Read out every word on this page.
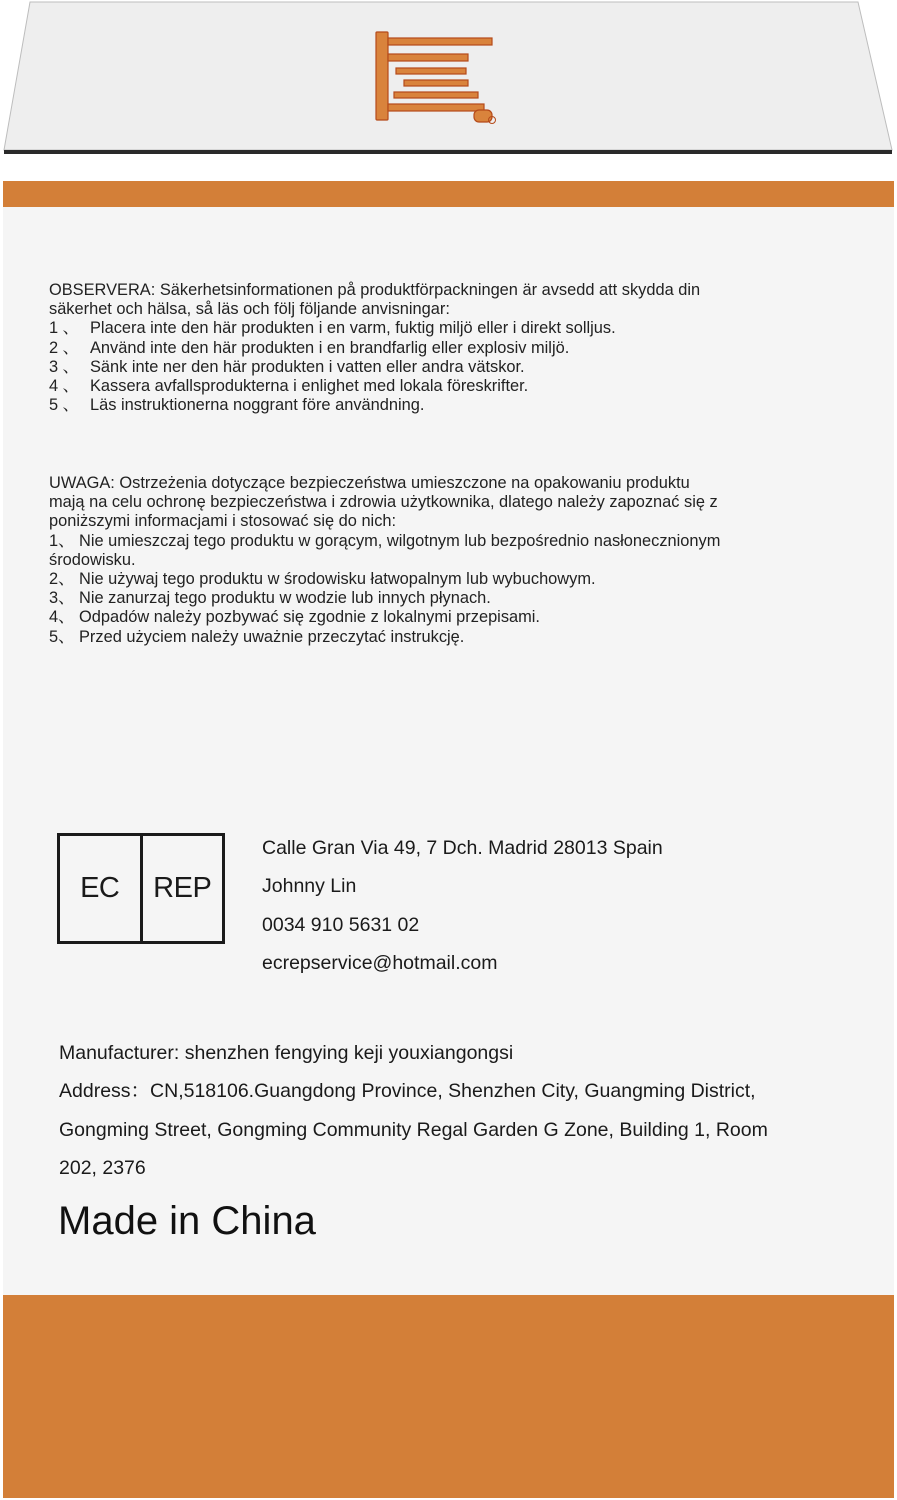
OBSERVERA: Säkerhetsinformationen på produktförpackningen är avsedd att skydda din
säkerhet och hälsa, så läs och följ följande anvisningar:
1 、 Placera inte den här produkten i en varm, fuktig miljö eller i direkt solljus.
2 、 Använd inte den här produkten i en brandfarlig eller explosiv miljö.
3 、 Sänk inte ner den här produkten i vatten eller andra vätskor.
4 、 Kassera avfallsprodukterna i enlighet med lokala föreskrifter.
5 、 Läs instruktionerna noggrant före användning.
UWAGA: Ostrzeżenia dotyczące bezpieczeństwa umieszczone na opakowaniu produktu
mają na celu ochronę bezpieczeństwa i zdrowia użytkownika, dlatego należy zapoznać się z
poniższymi informacjami i stosować się do nich:
1、 Nie umieszczaj tego produktu w gorącym, wilgotnym lub bezpośrednio nasłonecznionym
środowisku.
2、 Nie używaj tego produktu w środowisku łatwopalnym lub wybuchowym.
3、 Nie zanurzaj tego produktu w wodzie lub innych płynach.
4、 Odpadów należy pozbywać się zgodnie z lokalnymi przepisami.
5、 Przed użyciem należy uważnie przeczytać instrukcję.
EC	REP
Calle Gran Via 49, 7 Dch. Madrid 28013 Spain
Johnny Lin
0034 910 5631 02
ecrepservice@hotmail.com
Manufacturer: shenzhen fengying keji youxiangongsi
Address：CN,518106.Guangdong Province, Shenzhen City, Guangming District,
Gongming Street, Gongming Community Regal Garden G Zone, Building 1, Room
202, 2376
Made in China
